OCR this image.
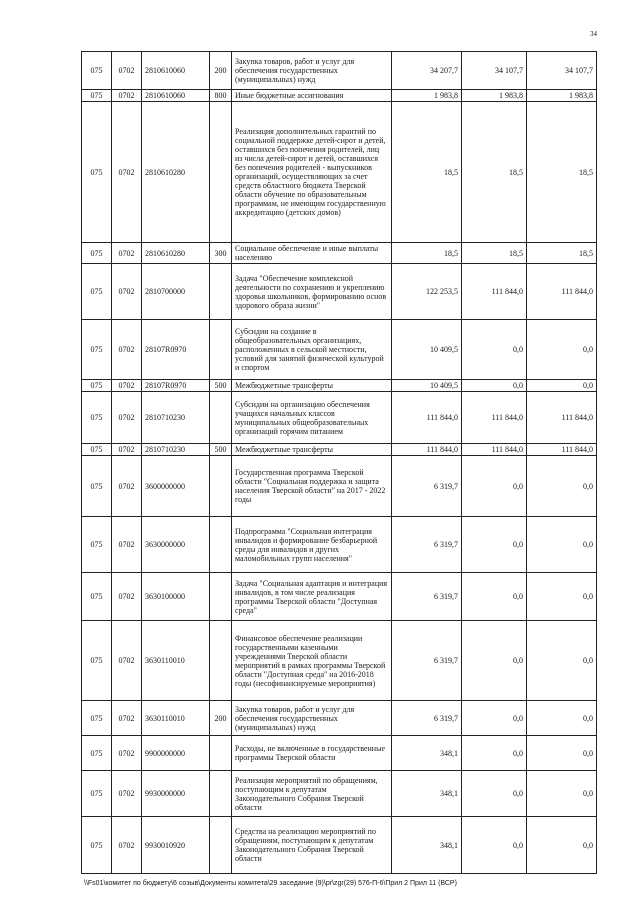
34
075	0702	2810610060	200	Закупка товаров, работ и услуг для обеспечения государственных (муниципальных) нужд	34 207,7	34 107,7	34 107,7
075	0702	2810610060	800	Иные бюджетные ассигнования	1 983,8	1 983,8	1 983,8
075	0702	2810610280		Реализация дополнительных гарантий по социальной поддержке детей-сирот и детей, оставшихся без попечения родителей, лиц из числа детей-сирот и детей, оставшихся без попечения родителей - выпускников организаций, осуществляющих за счет средств областного бюджета Тверской области обучение по образовательным программам, не имеющим государственную аккредитацию (детских домов)	18,5	18,5	18,5
075	0702	2810610280	300	Социальное обеспечение и иные выплаты населению	18,5	18,5	18,5
075	0702	2810700000		Задача "Обеспечение комплексной деятельности по сохранению и укреплению здоровья школьников, формированию основ здорового образа жизни"	122 253,5	111 844,0	111 844,0
075	0702	28107R0970		Субсидии на создание в общеобразовательных организациях, расположенных в сельской местности, условий для занятий физической культурой и спортом	10 409,5	0,0	0,0
075	0702	28107R0970	500	Межбюджетные трансферты	10 409,5	0,0	0,0
075	0702	2810710230		Субсидии на организацию обеспечения учащихся начальных классов муниципальных общеобразовательных организаций горячим питанием	111 844,0	111 844,0	111 844,0
075	0702	2810710230	500	Межбюджетные трансферты	111 844,0	111 844,0	111 844,0
075	0702	3600000000		Государственная программа Тверской области "Социальная поддержка и защита населения Тверской области" на 2017 - 2022 годы	6 319,7	0,0	0,0
075	0702	3630000000		Подпрограмма "Социальная интеграция инвалидов и формирование безбарьерной среды для инвалидов и других маломобильных групп населения"	6 319,7	0,0	0,0
075	0702	3630100000		Задача "Социальная адаптация и интеграция инвалидов, в том числе реализация программы Тверской области "Доступная среда"	6 319,7	0,0	0,0
075	0702	3630110010		Финансовое обеспечение реализации государственными казенными учреждениями Тверской области мероприятий в рамках программы Тверской области "Доступная среда" на 2016-2018 годы (несофинансируемые мероприятия)	6 319,7	0,0	0,0
075	0702	3630110010	200	Закупка товаров, работ и услуг для обеспечения государственных (муниципальных) нужд	6 319,7	0,0	0,0
075	0702	9900000000		Расходы, не включенные в государственные программы Тверской области	348,1	0,0	0,0
075	0702	9930000000		Реализация мероприятий по обращениям, поступающим к депутатам Законодательного Собрания Тверской области	348,1	0,0	0,0
075	0702	9930010920		Средства на реализацию мероприятий по обращениям, поступающим к депутатам Законодательного Собрания Тверской области	348,1	0,0	0,0
\\Fs01\комитет по бюджету\6 созыв\Документы комитета\29 заседание (9)\pr\zgr(29) 576-П-6\Прил 2 Прил 11 (ВСР)
